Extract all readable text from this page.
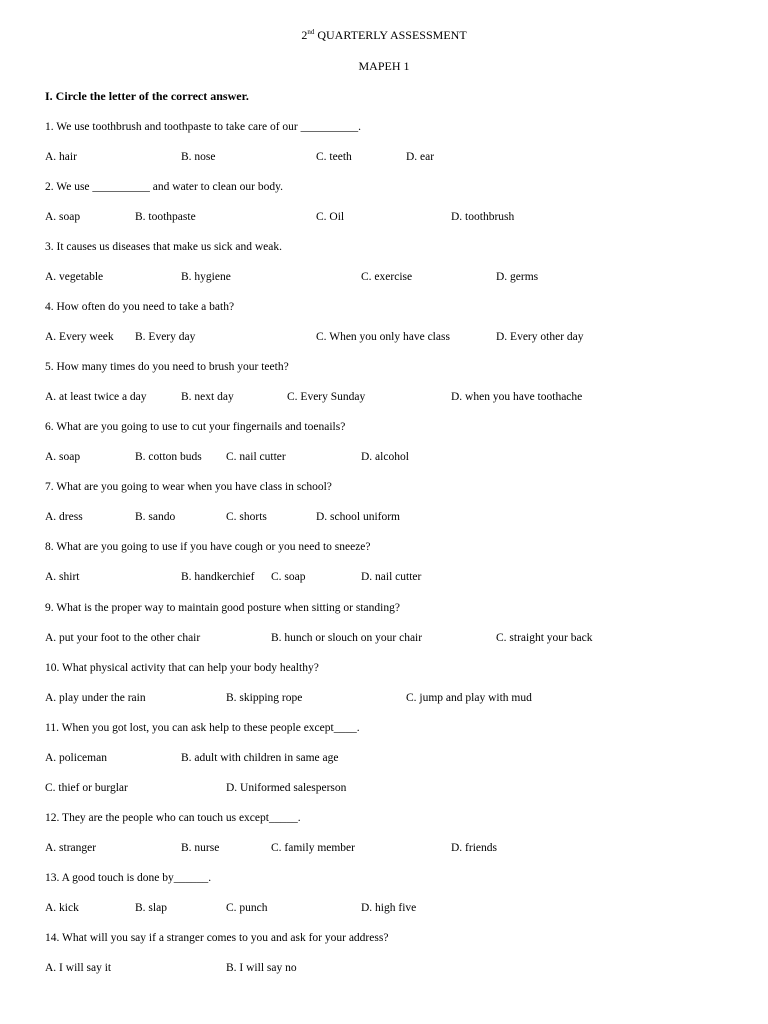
2nd QUARTERLY ASSESSMENT
MAPEH 1
I. Circle the letter of the correct answer.
1. We use toothbrush and toothpaste to take care of our __________.
A. hair	B. nose	C. teeth	D. ear
2. We use __________ and water to clean our body.
A. soap	B. toothpaste	C. Oil	D. toothbrush
3. It causes us diseases that make us sick and weak.
A. vegetable	B. hygiene	C. exercise	D. germs
4. How often do you need to take a bath?
A. Every week B. Every day	C. When you only have class	D. Every other day
5. How many times do you need to brush your teeth?
A. at least twice a day	B. next day	C. Every Sunday	D. when you have toothache
6. What are you going to use to cut your fingernails and toenails?
A. soap	B. cotton buds C. nail cutter	D. alcohol
7. What are you going to wear when you have class in school?
A. dress	B. sando	C. shorts	D. school uniform
8. What are you going to use if you have cough or you need to sneeze?
A. shirt	B. handkerchief C. soap	D. nail cutter
9. What is the proper way to maintain good posture when sitting or standing?
A. put your foot to the other chair	B. hunch or slouch on your chair	C. straight your back
10. What physical activity that can help your body healthy?
A. play under the rain	B. skipping rope	C. jump and play with mud
11. When you got lost, you can ask help to these people except____.
A. policeman	B. adult with children in same age
C. thief or burglar	D. Uniformed salesperson
12. They are the people who can touch us except_____.
A. stranger	B. nurse	C. family member	D. friends
13. A good touch is done by______.
A. kick	B. slap	C. punch	D. high five
14. What will you say if a stranger comes to you and ask for your address?
A. I will say it	B. I will say no
